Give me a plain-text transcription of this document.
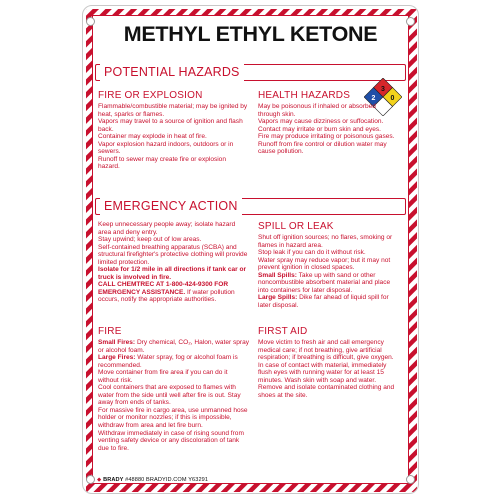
METHYL ETHYL KETONE
POTENTIAL HAZARDS
3
2 0
FIRE OR EXPLOSION

Flammable/combustible material; may be ignited by heat, sparks or flames.

Vapors may travel to a source of ignition and flash back.

Container may explode in heat of fire.

Vapor explosion hazard indoors, outdoors or in sewers.

Runoff to sewer may create fire or explosion hazard.

HEALTH HAZARDS

May be poisonous if inhaled or absorbed through skin.

Vapors may cause dizziness or suffocation.

Contact may irritate or burn skin and eyes.

Fire may produce irritating or poisonous gases.

Runoff from fire control or dilution water may cause pollution.

EMERGENCY ACTION

Keep unnecessary people away; isolate hazard area and deny entry.

Stay upwind; keep out of low areas.

Self-contained breathing apparatus (SCBA) and structural firefighter's protective clothing will provide limited protection.

Isolate for 1/2 mile in all directions if tank car or truck is involved in fire.

CALL CHEMTREC AT 1-800-424-9300 FOR EMERGENCY ASSISTANCE. If water pollution occurs, notify the appropriate authorities.

SPILL OR LEAK

Shut off ignition sources; no flares, smoking or flames in hazard area.

Stop leak if you can do it without risk.

Water spray may reduce vapor; but it may not prevent ignition in closed spaces.

Small Spills: Take up with sand or other noncombustible absorbent material and place into containers for later disposal.

Large Spills: Dike far ahead of liquid spill for later disposal.

FIRE

Small Fires: Dry chemical, CO₂, Halon, water spray or alcohol foam.

Large Fires: Water spray, fog or alcohol foam is recommended.

Move container from fire area if you can do it without risk.

Cool containers that are exposed to flames with water from the side until well after fire is out. Stay away from ends of tanks.

For massive fire in cargo area, use unmanned hose holder or monitor nozzles; if this is impossible, withdraw from area and let fire burn.

Withdraw immediately in case of rising sound from venting safety device or any discoloration of tank due to fire.

FIRST AID

Move victim to fresh air and call emergency medical care; if not breathing, give artificial respiration; if breathing is difficult, give oxygen.

In case of contact with material, immediately flush eyes with running water for at least 15 minutes. Wash skin with soap and water.

Remove and isolate contaminated clothing and shoes at the site.

◆ BRADY #48880 BRADYID.COM Y63291
